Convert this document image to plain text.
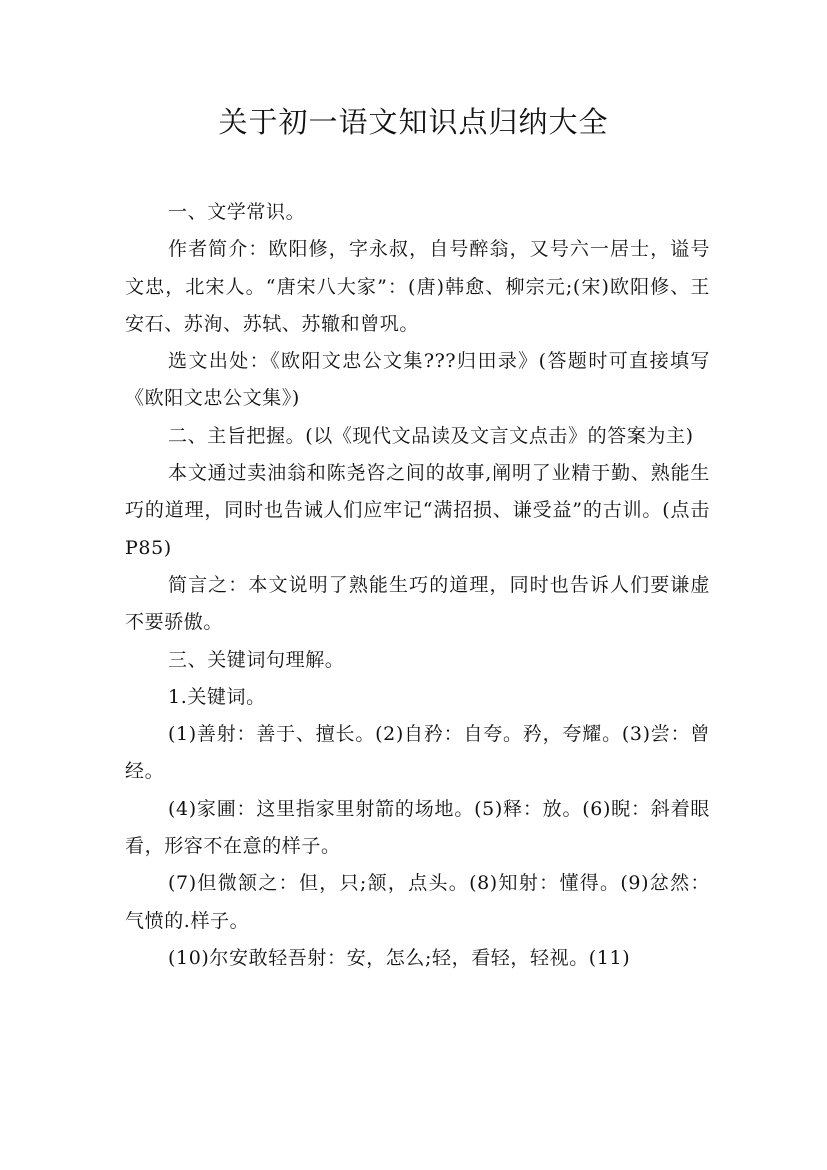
关于初一语文知识点归纳大全

一、文学常识。

作者简介：欧阳修，字永叔，自号醉翁，又号六一居士，谥号文忠，北宋人。“唐宋八大家”：(唐)韩愈、柳宗元;(宋)欧阳修、王安石、苏洵、苏轼、苏辙和曾巩。

选文出处：《欧阳文忠公文集???归田录》(答题时可直接填写《欧阳文忠公文集》)

二、主旨把握。(以《现代文品读及文言文点击》的答案为主)

本文通过卖油翁和陈尧咨之间的故事,阐明了业精于勤、熟能生巧的道理，同时也告诫人们应牢记“满招损、谦受益”的古训。(点击 P85)

简言之：本文说明了熟能生巧的道理，同时也告诉人们要谦虚不要骄傲。

三、关键词句理解。

1.关键词。

(1)善射：善于、擅长。(2)自矜：自夸。矜，夸耀。(3)尝：曾经。

(4)家圃：这里指家里射箭的场地。(5)释：放。(6)睨：斜着眼看，形容不在意的样子。

(7)但微颔之：但，只;颔，点头。(8)知射：懂得。(9)忿然：气愤的.样子。

(10)尔安敢轻吾射：安，怎么;轻，看轻，轻视。(11)
